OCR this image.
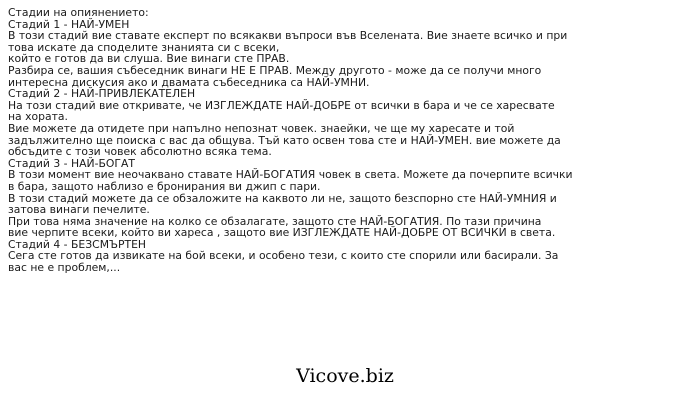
Стадии на опиянението:
Стадий 1 - НАЙ-УМЕН
В този стадий вие ставате експерт по всякакви въпроси във Вселената. Вие знаете всичко и при
това искате да споделите знанията си с всеки,
който е готов да ви слуша. Вие винаги сте ПРАВ.
Разбира се, вашия събеседник винаги НЕ Е ПРАВ. Между другото - може да се получи много
интересна дискусия ако и двамата събеседника са НАЙ-УМНИ.
Стадий 2 - НАЙ-ПРИВЛЕКАТЕЛЕН
На този стадий вие откривате, че ИЗГЛЕЖДАТЕ НАЙ-ДОБРЕ от всички в бара и че се харесвате
на хората.
Вие можете да отидете при напълно непознат човек. знаейки, че ще му харесате и той
задължително ще поиска с вас да общува. Тъй като освен това сте и НАЙ-УМЕН. вие можете да
обсъдите с този човек абсолютно всяка тема.
Стадий 3 - НАЙ-БОГАТ
В този момент вие неочаквано ставате НАЙ-БОГАТИЯ човек в света. Можете да почерпите всички
в бара, защото наблизо е бронирания ви джип с пари.
В този стадий можете да се обзаложите на каквото ли не, защото безспорно сте НАЙ-УМНИЯ и
затова винаги печелите.
При това няма значение на колко се обзалагате, защото сте НАЙ-БОГАТИЯ. По тази причина
вие черпите всеки, който ви хареса , защото вие ИЗГЛЕЖДАТЕ НАЙ-ДОБРЕ ОТ ВСИЧКИ в света.
Стадий 4 - БЕЗСМЪРТЕН
Сега сте готов да извикате на бой всеки, и особено тези, с които сте спорили или басирали. За
вас не е проблем,...
Vicove.biz
